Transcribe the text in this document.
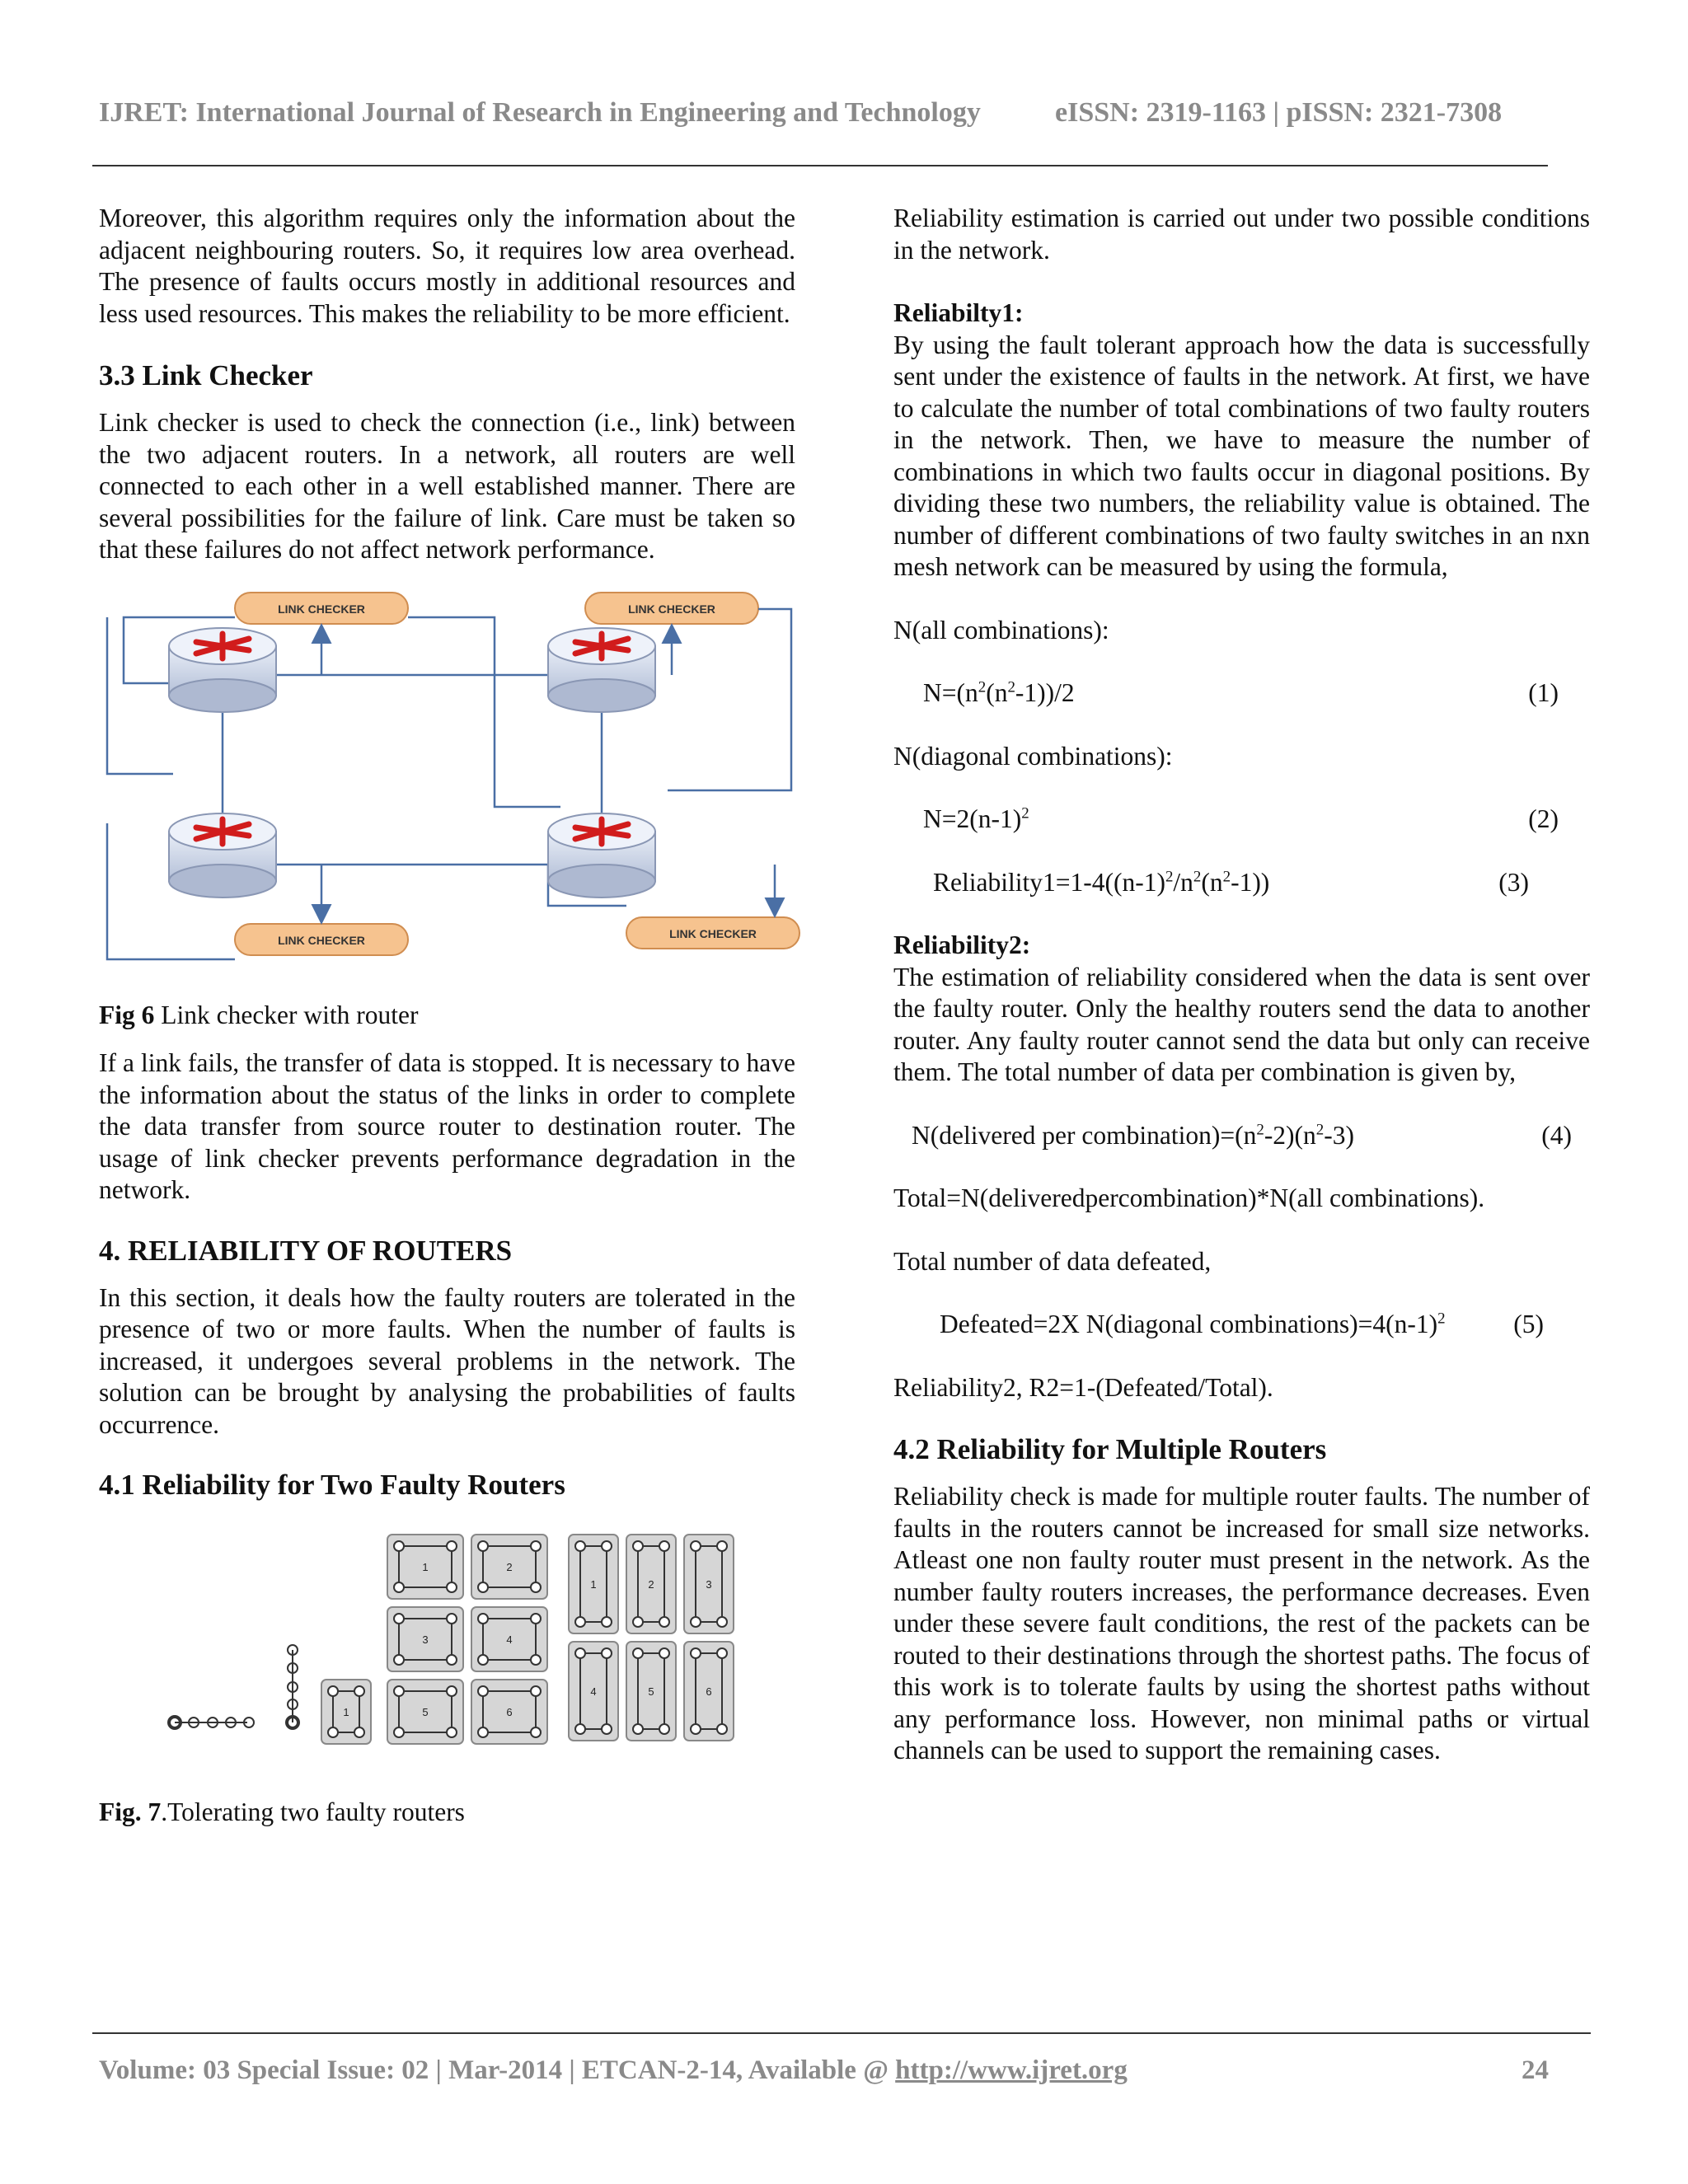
IJRET: International Journal of Research in Engineering and Technology	eISSN: 2319-1163 | pISSN: 2321-7308

Moreover, this algorithm requires only the information about the adjacent neighbouring routers. So, it requires low area overhead. The presence of faults occurs mostly in additional resources and less used resources. This makes the reliability to be more efficient.

3.3 Link Checker

Link checker is used to check the connection (i.e., link) between the two adjacent routers. In a network, all routers are well connected to each other in a well established manner. There are several possibilities for the failure of link. Care must be taken so that these failures do not affect network performance.

LINK CHECKER	LINK CHECKER
LINK CHECKER	LINK CHECKER

Fig 6 Link checker with router

If a link fails, the transfer of data is stopped. It is necessary to have the information about the status of the links in order to complete the data transfer from source router to destination router. The usage of link checker prevents performance degradation in the network.

4. RELIABILITY OF ROUTERS

In this section, it deals how the faulty routers are tolerated in the presence of two or more faults. When the number of faults is increased, it undergoes several problems in the network. The solution can be brought by analysing the probabilities of faults occurrence.

4.1 Reliability for Two Faulty Routers
1	2
3	4
5	6
1	2	3
4	5	6
1

Fig. 7.Tolerating two faulty routers

Reliability estimation is carried out under two possible conditions in the network.

Reliabilty1:

By using the fault tolerant approach how the data is successfully sent under the existence of faults in the network. At first, we have to calculate the number of total combinations of two faulty routers in the network. Then, we have to measure the number of combinations in which two faults occur in diagonal positions. By dividing these two numbers, the reliability value is obtained. The number of different combinations of two faulty switches in an nxn mesh network can be measured by using the formula,

N(all combinations):

$N=(n^2(n^2-1))/2$	(1)

N(diagonal combinations):

$N=2(n-1)^2$	(2)

$Reliability1=1-4((n-1)^2/n^2(n^2-1))$	(3)

Reliability2:

The estimation of reliability considered when the data is sent over the faulty router. Only the healthy routers send the data to another router. Any faulty router cannot send the data but only can receive them. The total number of data per combination is given by,

N(delivered per $combination)=(n^2-2)(n^2-3)$	(4)

Total=N(deliveredpercombination)*N(all combinations).

Total number of data defeated,

Defeated=2X N(diagonal $combinations)=4(n-1)^2$	(5)

Reliability2, R2=1-(Defeated/Total).

4.2 Reliability for Multiple Routers

Reliability check is made for multiple router faults. The number of faults in the routers cannot be increased for small size networks. Atleast one non faulty router must present in the network. As the number faulty routers increases, the performance decreases. Even under these severe fault conditions, the rest of the packets can be routed to their destinations through the shortest paths. The focus of this work is to tolerate faults by using the shortest paths without any performance loss. However, non minimal paths or virtual channels can be used to support the remaining cases.

Volume: 03 Special Issue: 02 | Mar-2014 | ETCAN-2-14, Available @ http://www.ijret.org	24
